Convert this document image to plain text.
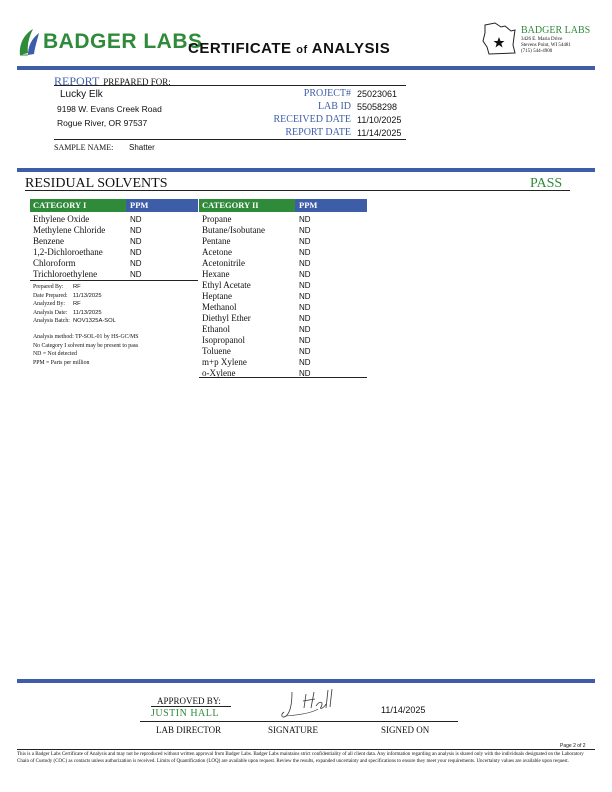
BADGER LABS
CERTIFICATE of ANALYSIS
BADGER LABS
3426 E. Maria Drive
Stevens Point, WI 54481
(715) 544-4900
REPORT PREPARED FOR:
Lucky Elk
9198 W. Evans Creek Road
Rogue River, OR 97537
PROJECT# 25023061
LAB ID 55058298
RECEIVED DATE 11/10/2025
REPORT DATE 11/14/2025
SAMPLE NAME: Shatter
RESIDUAL SOLVENTS	PASS
CATEGORY I	PPM
Ethylene Oxide	ND
Methylene Chloride	ND
Benzene	ND
1,2-Dichloroethane	ND
Chloroform	ND
Trichloroethylene	ND
CATEGORY II	PPM
Propane	ND
Butane/Isobutane	ND
Pentane	ND
Acetone	ND
Acetonitrile	ND
Hexane	ND
Ethyl Acetate	ND
Heptane	ND
Methanol	ND
Diethyl Ether	ND
Ethanol	ND
Isopropanol	ND
Toluene	ND
m+p Xylene	ND
o-Xylene	ND
Prepared By: RF
Date Prepared: 11/13/2025
Analyzed By: RF
Analysis Date: 11/13/2025
Analysis Batch: NOV1325A-SOL
Analysis method: TP-SOL-01 by HS-GC/MS
No Category I solvent may be present to pass
ND = Not detected
PPM = Parts per million
APPROVED BY:
JUSTIN HALL	11/14/2025
LAB DIRECTOR	SIGNATURE	SIGNED ON
Page 2 of 2
This is a Badger Labs Certificate of Analysis and may not be reproduced without written approval from Badger Labs. Badger Labs maintains strict confidentiality of all client data. Any information regarding an analysis is shared only with the individuals designated on the Laboratory Chain of Custody (COC) as contacts unless authorization is received. Limits of Quantification (LOQ) are available upon request. Review the results, expanded uncertainty and specifications to ensure they meet your requirements. Uncertainty values are available upon request.
